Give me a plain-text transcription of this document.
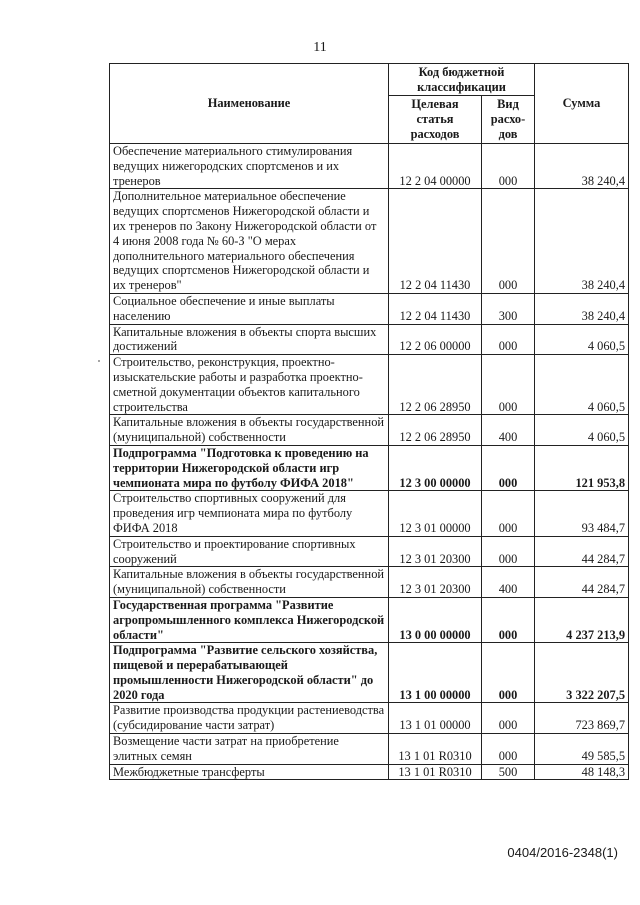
11
Наименование	Код бюджетной классификации		Сумма
	Целевая статья расходов	Вид расхо- дов	
Обеспечение материального стимулирования ведущих нижегородских спортсменов и их тренеров	12 2 04 00000	000	38 240,4
Дополнительное материальное обеспечение ведущих спортсменов Нижегородской области и их тренеров по Закону Нижегородской области от 4 июня 2008 года № 60-З "О мерах дополнительного материального обеспечения ведущих спортсменов Нижегородской области и их тренеров"	12 2 04 11430	000	38 240,4
Социальное обеспечение и иные выплаты населению	12 2 04 11430	300	38 240,4
Капитальные вложения в объекты спорта высших достижений	12 2 06 00000	000	4 060,5
Строительство, реконструкция, проектно-изыскательские работы и разработка проектно-сметной документации объектов капитального строительства	12 2 06 28950	000	4 060,5
Капитальные вложения в объекты государственной (муниципальной) собственности	12 2 06 28950	400	4 060,5
Подпрограмма "Подготовка к проведению на территории Нижегородской области игр чемпионата мира по футболу ФИФА 2018"	12 3 00 00000	000	121 953,8
Строительство спортивных сооружений для проведения игр чемпионата мира по футболу ФИФА 2018	12 3 01 00000	000	93 484,7
Строительство и проектирование спортивных сооружений	12 3 01 20300	000	44 284,7
Капитальные вложения в объекты государственной (муниципальной) собственности	12 3 01 20300	400	44 284,7
Государственная программа "Развитие агропромышленного комплекса Нижегородской области"	13 0 00 00000	000	4 237 213,9
Подпрограмма "Развитие сельского хозяйства, пищевой и перерабатывающей промышленности Нижегородской области" до 2020 года	13 1 00 00000	000	3 322 207,5
Развитие производства продукции растениеводства (субсидирование части затрат)	13 1 01 00000	000	723 869,7
Возмещение части затрат на приобретение элитных семян	13 1 01 R0310	000	49 585,5
Межбюджетные трансферты	13 1 01 R0310	500	48 148,3
0404/2016-2348(1)
